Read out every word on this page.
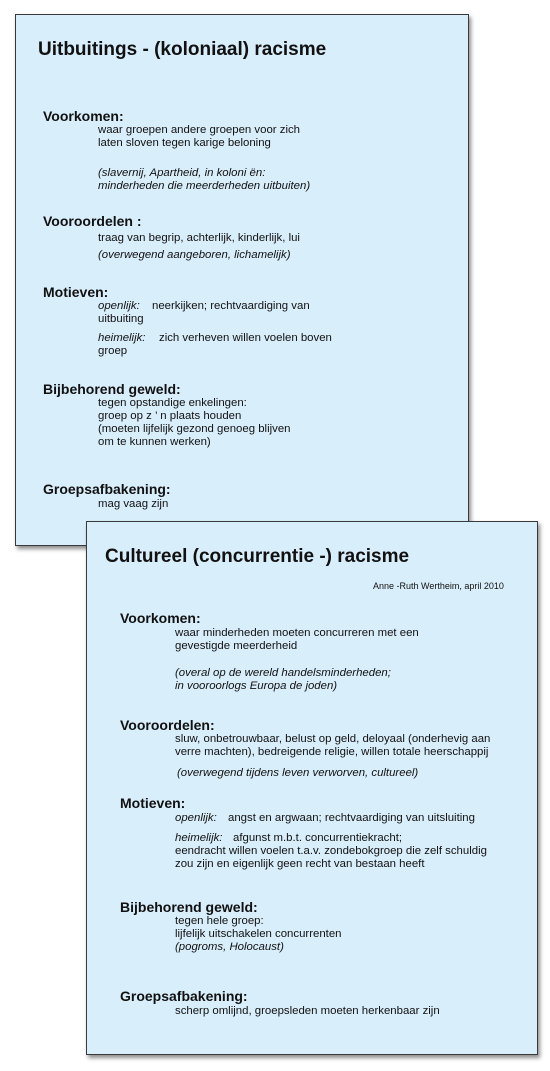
Uitbuitings - (koloniaal) racisme
Voorkomen:
waar groepen andere groepen voor zich
laten sloven tegen karige beloning
(slavernij, Apartheid, in koloni ën:
minderheden die meerderheden uitbuiten)
Vooroordelen :
traag van begrip, achterlijk, kinderlijk, lui
(overwegend aangeboren, lichamelijk)
Motieven:
openlijk: neerkijken; rechtvaardiging van
uitbuiting
heimelijk: zich verheven willen voelen boven
groep
Bijbehorend geweld:
tegen opstandige enkelingen:
groep op z ’ n plaats houden
(moeten lijfelijk gezond genoeg blijven
om te kunnen werken)
Groepsafbakening:
mag vaag zijn
Cultureel (concurrentie -) racisme
Anne -Ruth Wertheim, april 2010
Voorkomen:
waar minderheden moeten concurreren met een
gevestigde meerderheid
(overal op de wereld handelsminderheden;
in vooroorlogs Europa de joden)
Vooroordelen:
sluw, onbetrouwbaar, belust op geld, deloyaal (onderhevig aan
verre machten), bedreigende religie, willen totale heerschappij
(overwegend tijdens leven verworven, cultureel)
Motieven:
openlijk: angst en argwaan; rechtvaardiging van uitsluiting
heimelijk: afgunst m.b.t. concurrentiekracht;
eendracht willen voelen t.a.v. zondebokgroep die zelf schuldig
zou zijn en eigenlijk geen recht van bestaan heeft
Bijbehorend geweld:
tegen hele groep:
lijfelijk uitschakelen concurrenten
(pogroms, Holocaust)
Groepsafbakening:
scherp omlijnd, groepsleden moeten herkenbaar zijn
